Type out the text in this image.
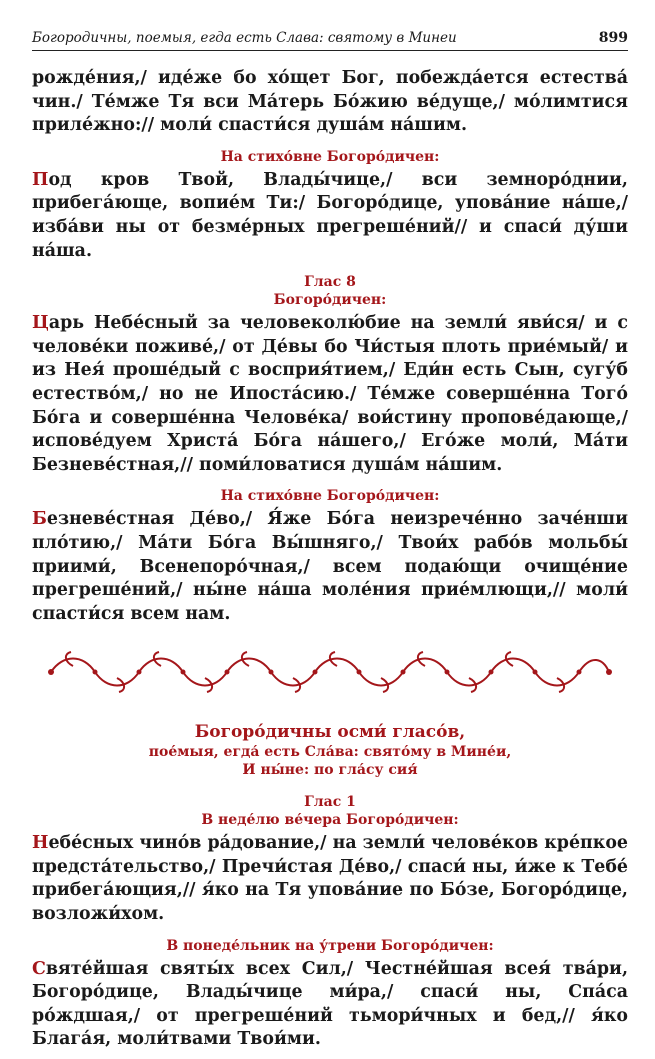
Богородичны, поемыя, егда есть Слава: святому в Минеи	899

рожде́ния,/ иде́же бо хо́щет Бог, побежда́ется естества́ чин./ Те́мже Тя вси Ма́терь Бо́жию ве́дуще,/ мо́лимтися приле́жно:// моли́ спасти́ся душа́м на́шим.

На стихо́вне Богоро́дичен:

Под кров Твой, Влады́чице,/ вси земноро́днии, прибега́юще, вопие́м Ти:/ Богоро́дице, упова́ние на́ше,/ изба́ви ны от безме́рных прегреше́ний// и спаси́ ду́ши на́ша.

Глас 8
Богоро́дичен:

Царь Небе́сный за человеколю́бие на земли́ яви́ся/ и с челове́ки поживе́,/ от Де́вы бо Чи́стыя плоть прие́мый/ и из Нея́ проше́дый с восприя́тием,/ Еди́н есть Сын, сугу́б естество́м,/ но не Ипоста́сию./ Те́мже соверше́нна Того́ Бо́га и соверше́нна Челове́ка/ вои́стину пропове́дающе,/ испове́дуем Христа́ Бо́га на́шего,/ Его́же моли́, Ма́ти Безневе́стная,// поми́ловатися душа́м на́шим.

На стихо́вне Богоро́дичен:

Безневе́стная Де́во,/ Я́же Бо́га неизрече́нно заче́нши пло́тию,/ Ма́ти Бо́га Вы́шняго,/ Твои́х рабо́в мольбы́ приими́, Всенепоро́чная,/ всем подаю́щи очище́ние прегреше́ний,/ ны́не на́ша моле́ния прие́млющи,// моли́ спасти́ся всем нам.

Богоро́дичны осми́ гласо́в,
пое́мыя, егда́ есть Сла́ва: свято́му в Мине́и,
И ны́не: по гла́су сия́
Глас 1
В неде́лю ве́чера Богоро́дичен:

Небе́сных чино́в ра́дование,/ на земли́ челове́ков кре́пкое предста́тельство,/ Пречи́стая Де́во,/ спаси́ ны, и́же к Тебе́ прибега́ющия,// я́ко на Тя упова́ние по Бо́зе, Богоро́дице, возложи́хом.

В понеде́льник на у́трени Богоро́дичен:

Святе́йшая святы́х всех Сил,/ Честне́йшая всея́ тва́ри, Богоро́дице, Влады́чице ми́ра,/ спаси́ ны, Спа́са ро́ждшая,/ от прегреше́ний тьмори́чных и бед,// я́ко Блага́я, моли́твами Твои́ми.
